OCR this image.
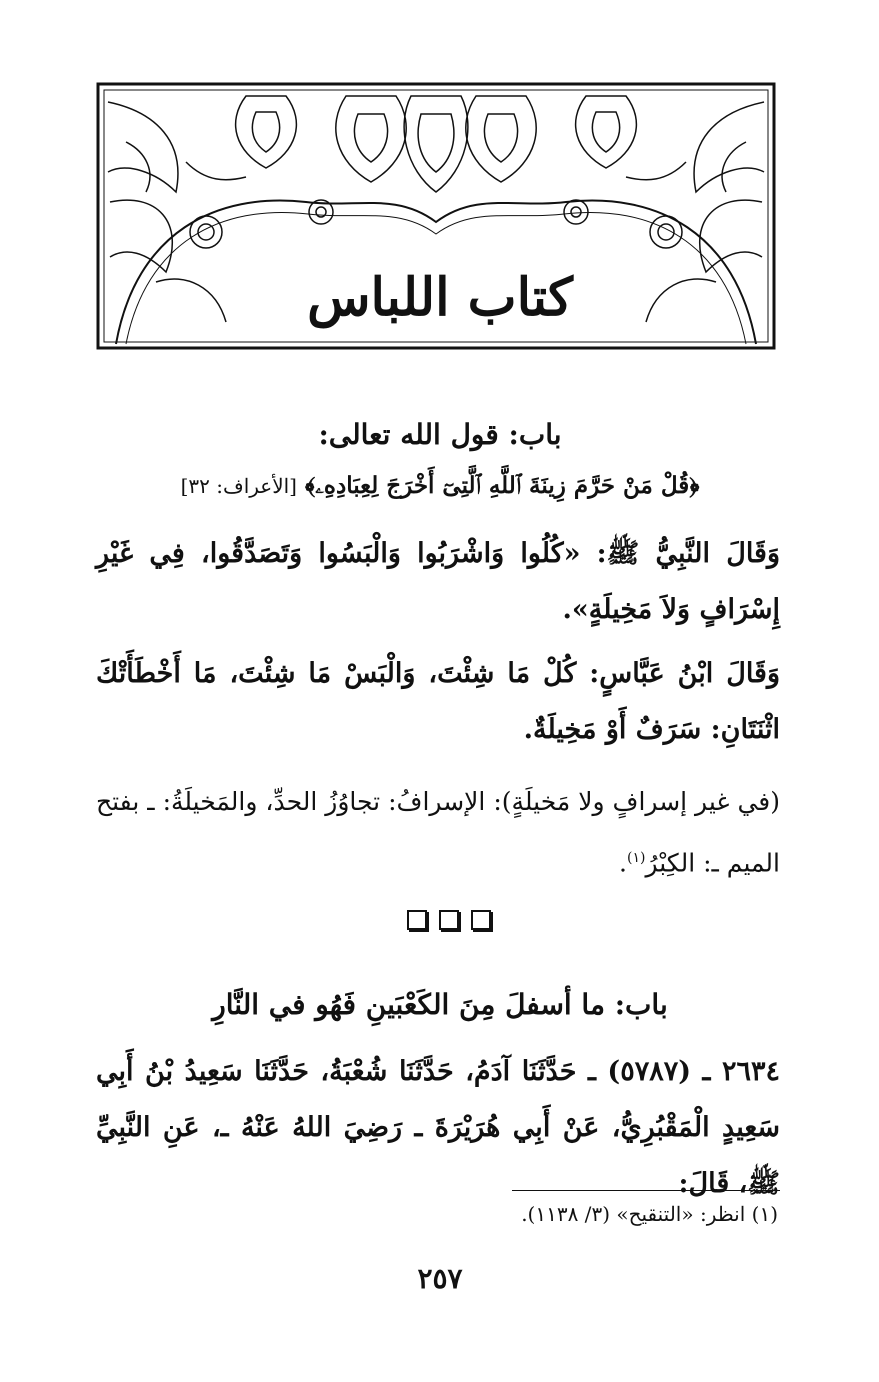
كتاب اللباس
باب: قول الله تعالى:
﴿قُلْ مَنْ حَرَّمَ زِينَةَ ٱللَّهِ ٱلَّتِىٓ أَخْرَجَ لِعِبَادِهِۦ﴾ [الأعراف: ٣٢]
وَقَالَ النَّبِيُّ ﷺ: «كُلُوا وَاشْرَبُوا وَالْبَسُوا وَتَصَدَّقُوا، فِي غَيْرِ إِسْرَافٍ وَلاَ مَخِيلَةٍ».
وَقَالَ ابْنُ عَبَّاسٍ: كُلْ مَا شِئْتَ، وَالْبَسْ مَا شِئْتَ، مَا أَخْطَأَتْكَ اثْنَتَانِ: سَرَفٌ أَوْ مَخِيلَةٌ.
(في غير إسرافٍ ولا مَخيلَةٍ): الإسرافُ: تجاوُزُ الحدِّ، والمَخيلَةُ: ـ بفتح الميم ـ: الكِبْرُ$^{(١)}$.
باب: ما أسفلَ مِنَ الكَعْبَينِ فَهُو في النَّارِ
٢٦٣٤ ـ (٥٧٨٧) ـ حَدَّثَنَا آدَمُ، حَدَّثَنَا شُعْبَةُ، حَدَّثَنَا سَعِيدُ بْنُ أَبِي سَعِيدٍ الْمَقْبُرِيُّ، عَنْ أَبِي هُرَيْرَةَ ـ رَضِيَ اللهُ عَنْهُ ـ، عَنِ النَّبِيِّ ﷺ، قَالَ:
(١) انظر: «التنقيح» (٣/ ١١٣٨).
٢٥٧
